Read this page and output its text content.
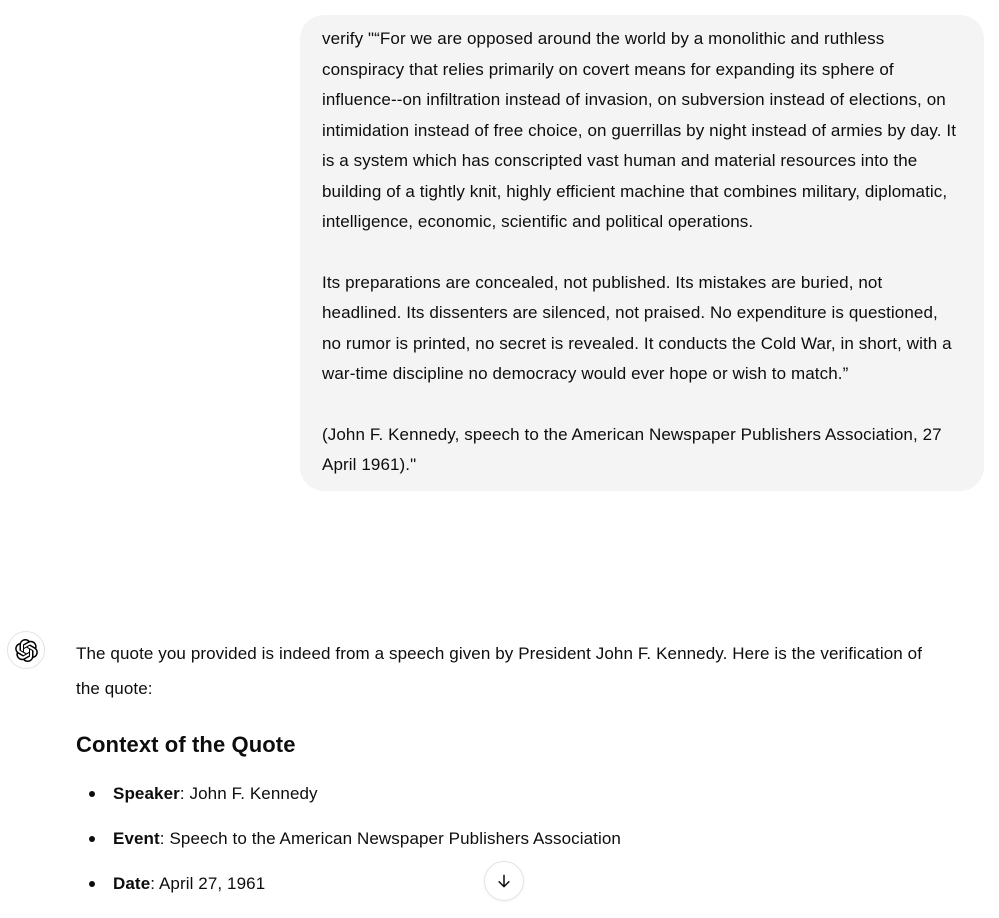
verify "“For we are opposed around the world by a monolithic and ruthless conspiracy that relies primarily on covert means for expanding its sphere of influence--on infiltration instead of invasion, on subversion instead of elections, on intimidation instead of free choice, on guerrillas by night instead of armies by day. It is a system which has conscripted vast human and material resources into the building of a tightly knit, highly efficient machine that combines military, diplomatic, intelligence, economic, scientific and political operations.

Its preparations are concealed, not published. Its mistakes are buried, not headlined. Its dissenters are silenced, not praised. No expenditure is questioned, no rumor is printed, no secret is revealed. It conducts the Cold War, in short, with a war-time discipline no democracy would ever hope or wish to match.”

(John F. Kennedy, speech to the American Newspaper Publishers Association, 27 April 1961)."

The quote you provided is indeed from a speech given by President John F. Kennedy. Here is the verification of the quote:
Context of the Quote
Speaker: John F. Kennedy
Event: Speech to the American Newspaper Publishers Association
Date: April 27, 1961
